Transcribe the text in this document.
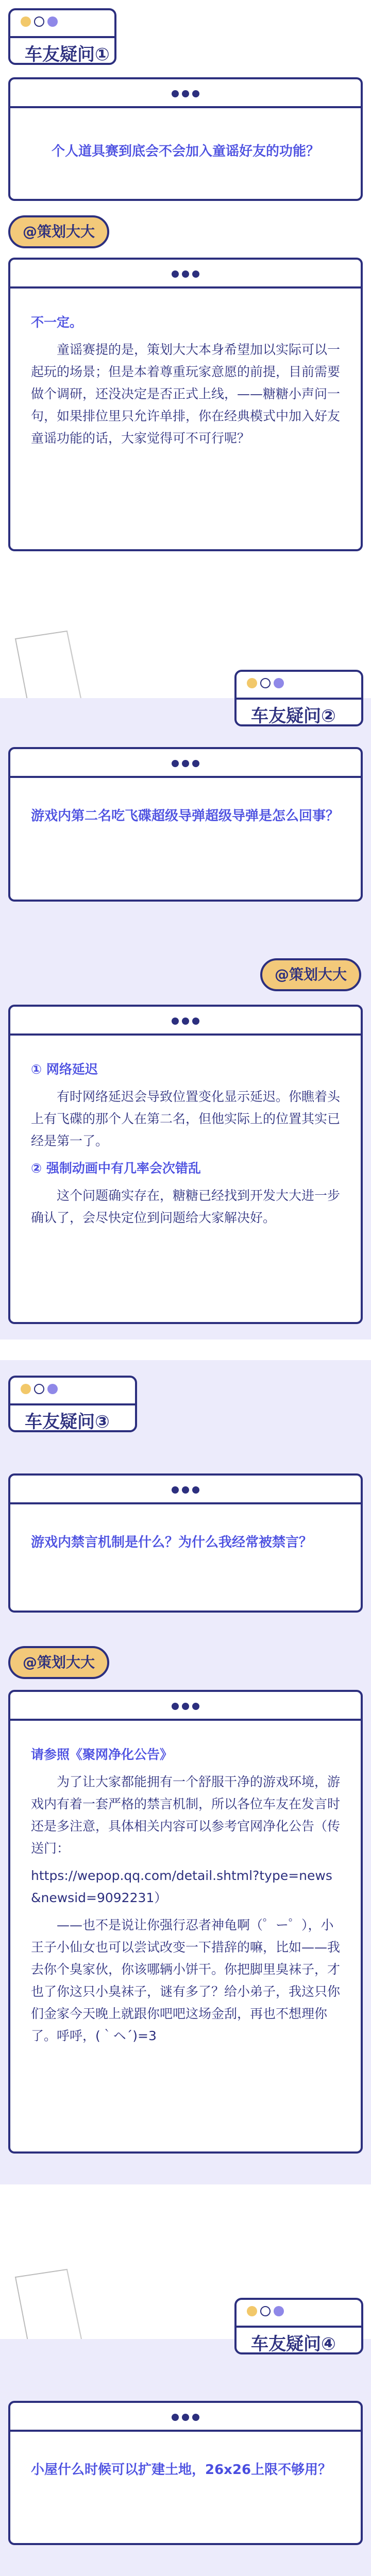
车友疑问①
个人道具赛到底会不会加入童谣好友的功能？
@策划大大

不一定。

童谣赛提的是，策划大大本身希望加以实际可以一起玩的场景；但是本着尊重玩家意愿的前提，目前需要做个调研，还没决定是否正式上线，——糖糖小声问一句，如果排位里只允许单排，你在经典模式中加入好友童谣功能的话，大家觉得可不可行呢？

车友疑问②
游戏内第二名吃飞碟超级导弹超级导弹是怎么回事？
@策划大大

① 网络延迟

有时网络延迟会导致位置变化显示延迟。你瞧着头上有飞碟的那个人在第二名，但他实际上的位置其实已经是第一了。

② 强制动画中有几率会次错乱

这个问题确实存在，糖糖已经找到开发大大进一步确认了，会尽快定位到问题给大家解决好。

车友疑问③
游戏内禁言机制是什么？为什么我经常被禁言？
@策划大大

请参照《聚网净化公告》

为了让大家都能拥有一个舒服干净的游戏环境，游戏内有着一套严格的禁言机制，所以各位车友在发言时还是多注意，具体相关内容可以参考官网净化公告（传送门：

https://wepop.qq.com/detail.shtml?type=news&newsid=9092231）

——也不是说让你强行忍者神龟啊（゜ー゜），小王子小仙女也可以尝试改变一下措辞的嘛，比如——我去你个臭家伙，你该哪辆小饼干。你把脚里臭袜子，才也了你这只小臭袜子，谜有多了？给小弟子，我这只你们金家今天晚上就跟你吧吧这场金刮，再也不想理你了。呼呼，(｀ヘ´)=3

车友疑问④
小屋什么时候可以扩建土地，26x26上限不够用？
